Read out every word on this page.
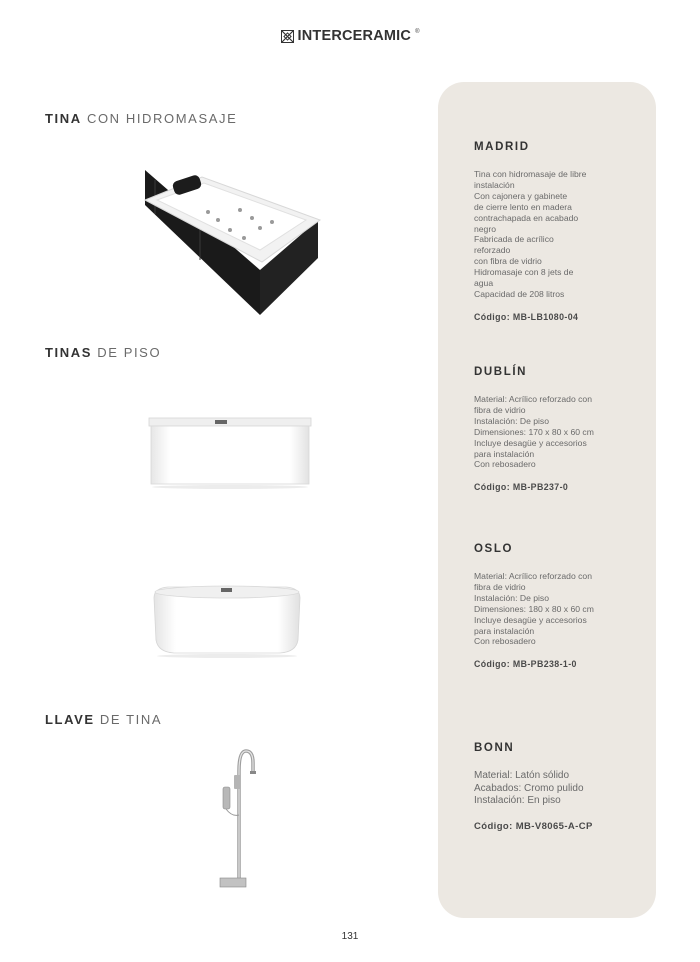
INTERCERAMIC ®
TINA CON HIDROMASAJE
TINAS DE PISO
LLAVE DE TINA
MADRID
Tina con hidromasaje de libre
instalación
Con cajonera y gabinete
de cierre lento en madera
contrachapada en acabado
negro
Fabricada de acrílico
reforzado
con fibra de vidrio
Hidromasaje con 8 jets de
agua
Capacidad de 208 litros
Código: MB-LB1080-04
DUBLÍN
Material: Acrílico reforzado con
fibra de vidrio
Instalación: De piso
Dimensiones: 170 x 80 x 60 cm
Incluye desagüe y accesorios
para instalación
Con rebosadero
Código: MB-PB237-0
OSLO
Material: Acrílico reforzado con
fibra de vidrio
Instalación: De piso
Dimensiones: 180 x 80 x 60 cm
Incluye desagüe y accesorios
para instalación
Con rebosadero
Código: MB-PB238-1-0
BONN
Material: Latón sólido
Acabados: Cromo pulido
Instalación: En piso
Código: MB-V8065-A-CP
131
